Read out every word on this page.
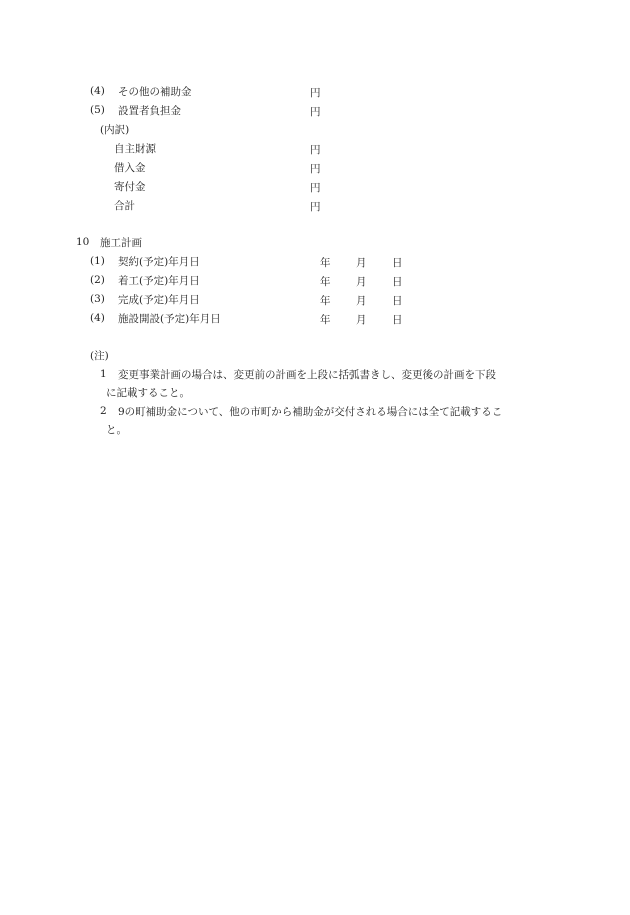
(4) その他の補助金	円
(5) 設置者負担金	円
(内訳)
自主財源	円
借入金	円
寄付金	円
合計	円
10 施工計画
(1) 契約(予定)年月日	年 月 日
(2) 着工(予定)年月日	年 月 日
(3) 完成(予定)年月日	年 月 日
(4) 施設開設(予定)年月日	年 月 日
(注)
1 変更事業計画の場合は、変更前の計画を上段に括弧書きし、変更後の計画を下段
に記載すること。
2 9の町補助金について、他の市町から補助金が交付される場合には全て記載するこ
と。
